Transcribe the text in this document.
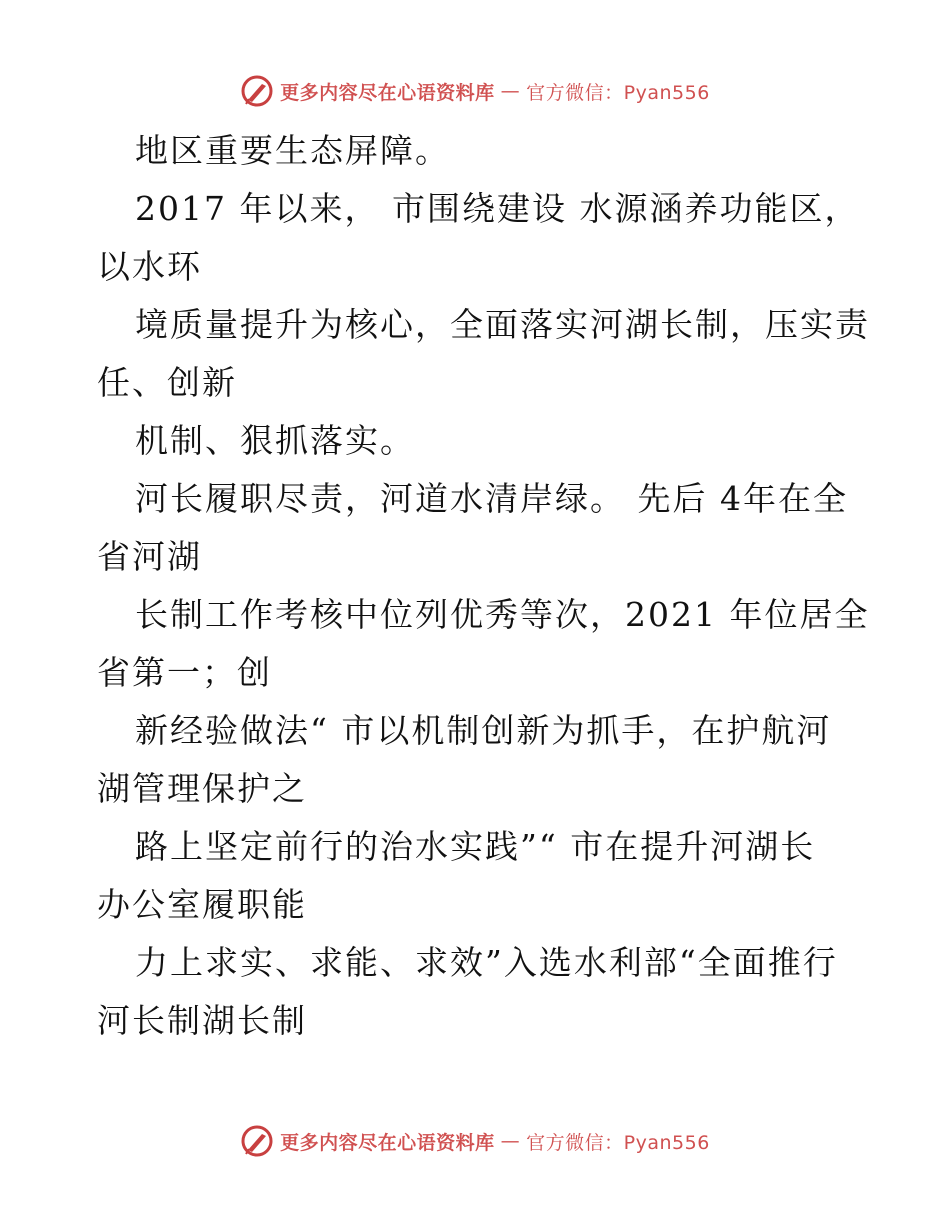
更多内容尽在心语资料库 — 官方微信：Pyan556
地区重要生态屏障。
2017 年以来， 市围绕建设 水源涵养功能区，
以水环
境质量提升为核心，全面落实河湖长制，压实责
任、创新
机制、狠抓落实。
河长履职尽责，河道水清岸绿。 先后 4年在全
省河湖
长制工作考核中位列优秀等次，2021 年位居全
省第一；创
新经验做法“ 市以机制创新为抓手，在护航河
湖管理保护之
路上坚定前行的治水实践”“ 市在提升河湖长
办公室履职能
力上求实、求能、求效”入选水利部“全面推行
河长制湖长制
更多内容尽在心语资料库 — 官方微信：Pyan556
